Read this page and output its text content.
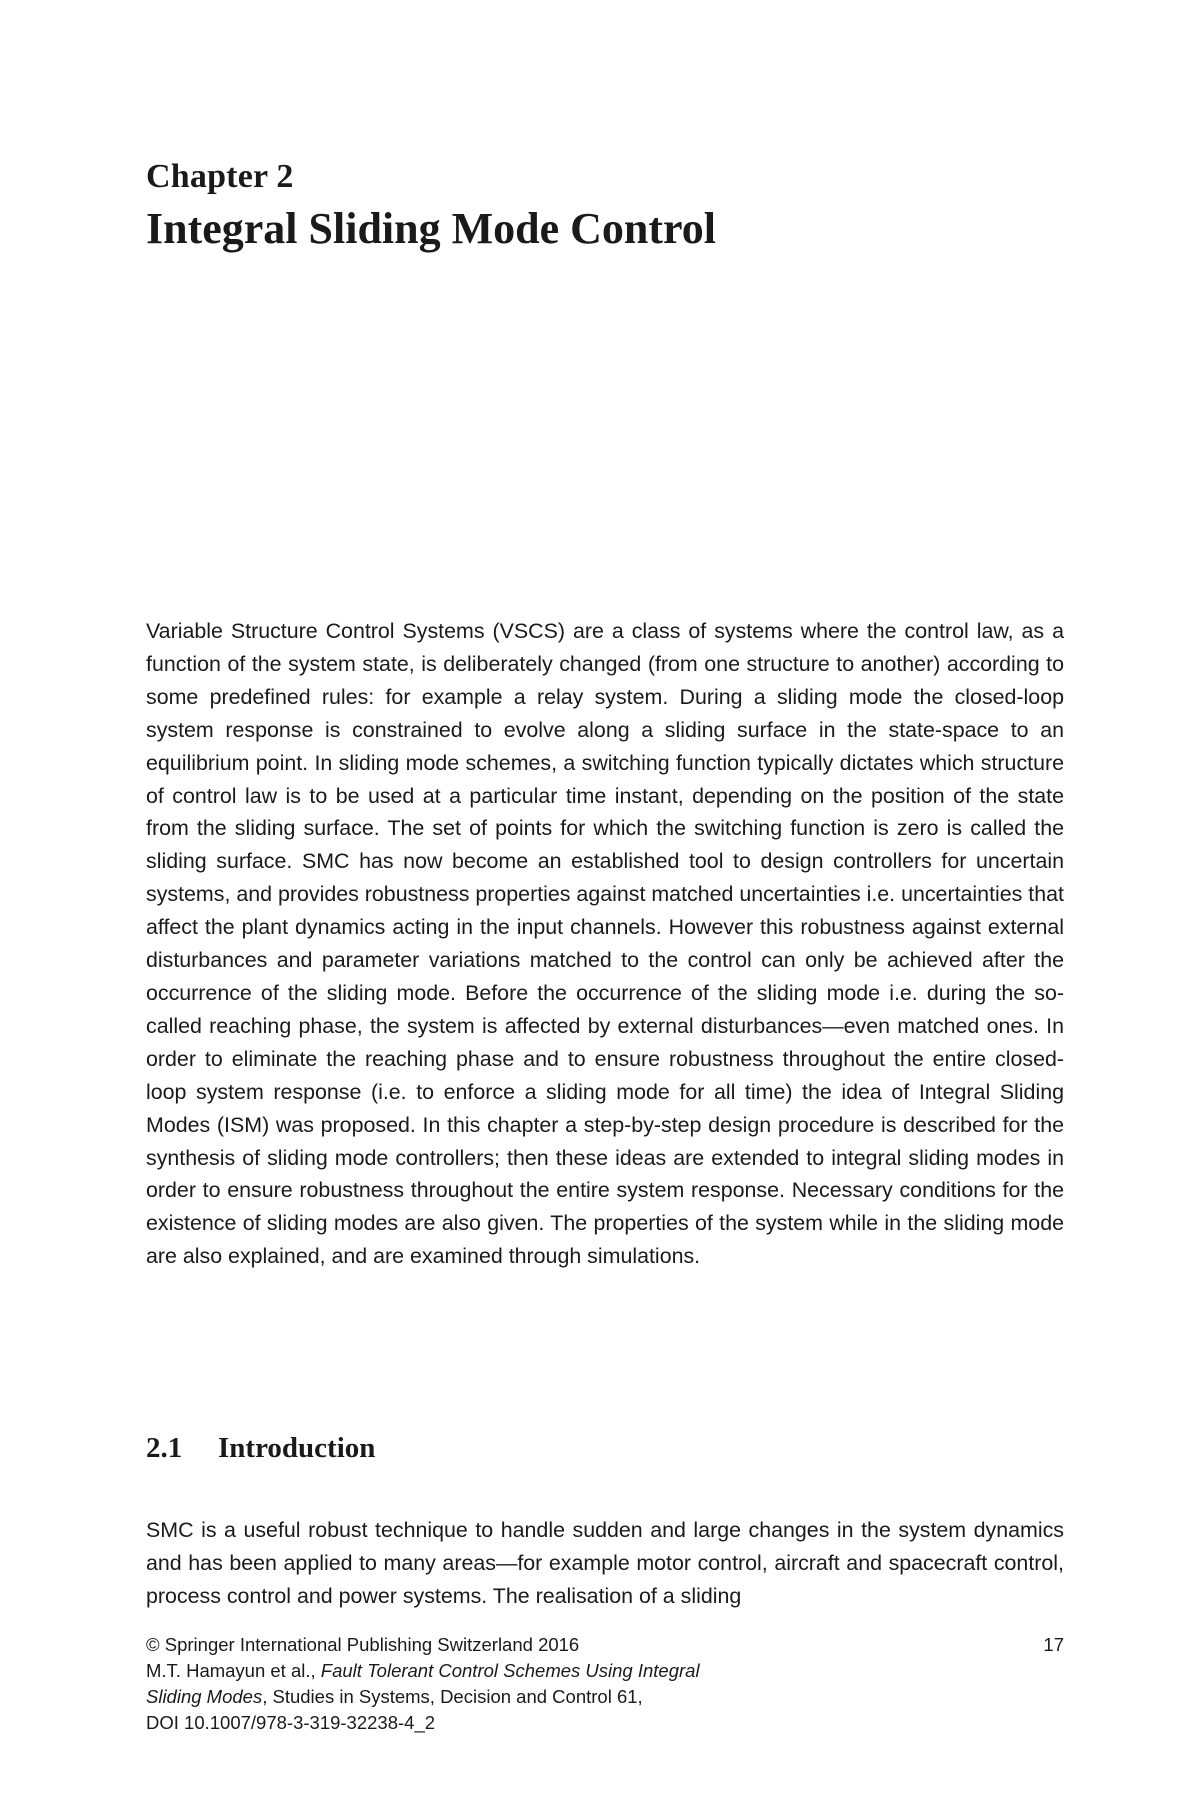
Chapter 2
Integral Sliding Mode Control

Variable Structure Control Systems (VSCS) are a class of systems where the control law, as a function of the system state, is deliberately changed (from one structure to another) according to some predefined rules: for example a relay system. During a sliding mode the closed-loop system response is constrained to evolve along a sliding surface in the state-space to an equilibrium point. In sliding mode schemes, a switching function typically dictates which structure of control law is to be used at a particular time instant, depending on the position of the state from the sliding surface. The set of points for which the switching function is zero is called the sliding surface. SMC has now become an established tool to design controllers for uncertain systems, and provides robustness properties against matched uncertainties i.e. uncertainties that affect the plant dynamics acting in the input channels. However this robustness against external disturbances and parameter variations matched to the control can only be achieved after the occurrence of the sliding mode. Before the occurrence of the sliding mode i.e. during the so-called reaching phase, the system is affected by external disturbances—even matched ones. In order to eliminate the reaching phase and to ensure robustness throughout the entire closed-loop system response (i.e. to enforce a sliding mode for all time) the idea of Integral Sliding Modes (ISM) was proposed. In this chapter a step-by-step design procedure is described for the synthesis of sliding mode controllers; then these ideas are extended to integral sliding modes in order to ensure robustness throughout the entire system response. Necessary conditions for the existence of sliding modes are also given. The properties of the system while in the sliding mode are also explained, and are examined through simulations.

2.1 Introduction

SMC is a useful robust technique to handle sudden and large changes in the system dynamics and has been applied to many areas—for example motor control, aircraft and spacecraft control, process control and power systems. The realisation of a sliding

© Springer International Publishing Switzerland 2016	17
M.T. Hamayun et al., Fault Tolerant Control Schemes Using Integral
Sliding Modes, Studies in Systems, Decision and Control 61,
DOI 10.1007/978-3-319-32238-4_2
